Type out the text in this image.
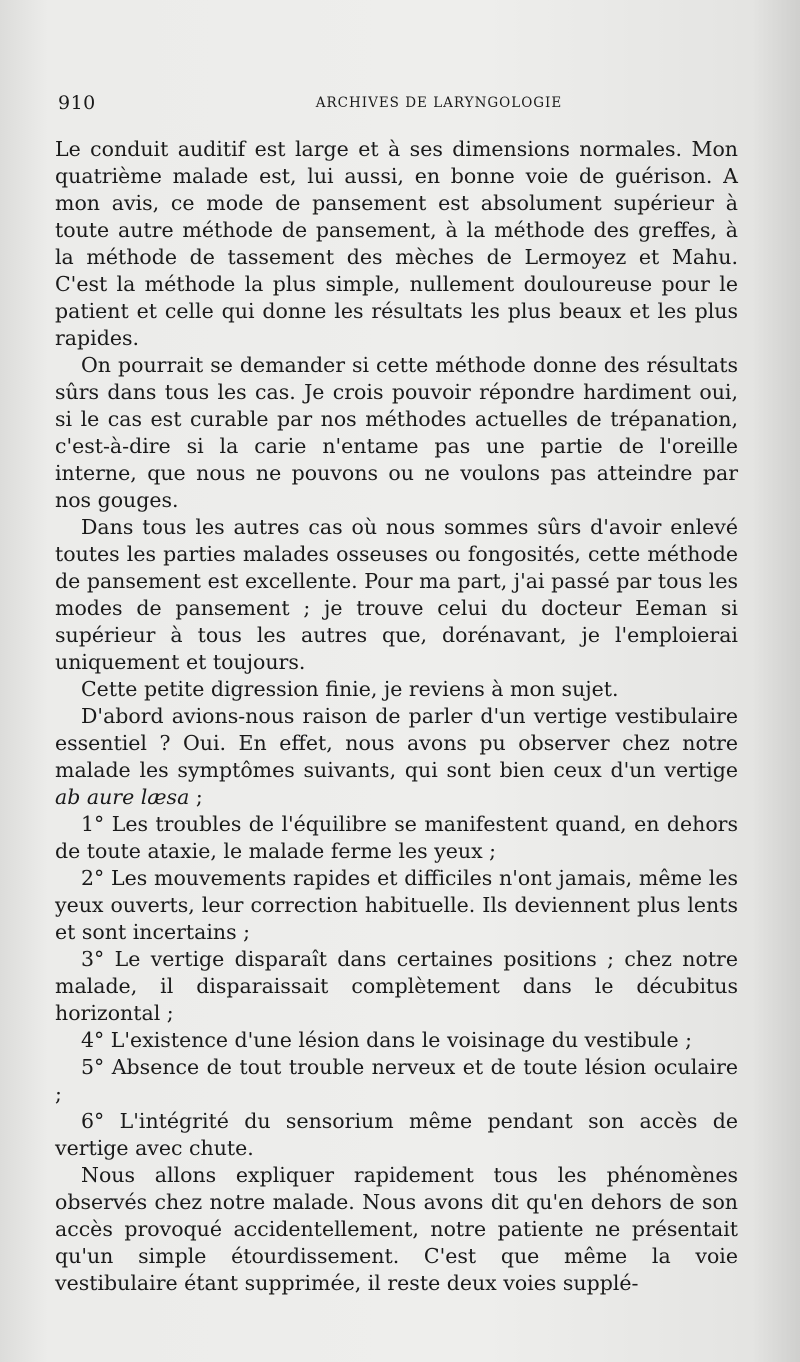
910	ARCHIVES DE LARYNGOLOGIE

Le conduit auditif est large et à ses dimensions normales. Mon quatrième malade est, lui aussi, en bonne voie de guérison. A mon avis, ce mode de pansement est absolument supérieur à toute autre méthode de pansement, à la méthode des greffes, à la méthode de tassement des mèches de Lermoyez et Mahu. C'est la méthode la plus simple, nullement douloureuse pour le patient et celle qui donne les résultats les plus beaux et les plus rapides.

On pourrait se demander si cette méthode donne des résultats sûrs dans tous les cas. Je crois pouvoir répondre hardiment oui, si le cas est curable par nos méthodes actuelles de trépanation, c'est-à-dire si la carie n'entame pas une partie de l'oreille interne, que nous ne pouvons ou ne voulons pas atteindre par nos gouges.

Dans tous les autres cas où nous sommes sûrs d'avoir enlevé toutes les parties malades osseuses ou fongosités, cette méthode de pansement est excellente. Pour ma part, j'ai passé par tous les modes de pansement ; je trouve celui du docteur Eeman si supérieur à tous les autres que, dorénavant, je l'emploierai uniquement et toujours.

Cette petite digression finie, je reviens à mon sujet.

D'abord avions-nous raison de parler d'un vertige vestibulaire essentiel ? Oui. En effet, nous avons pu observer chez notre malade les symptômes suivants, qui sont bien ceux d'un vertige ab aure læsa ;

1° Les troubles de l'équilibre se manifestent quand, en dehors de toute ataxie, le malade ferme les yeux ;

2° Les mouvements rapides et difficiles n'ont jamais, même les yeux ouverts, leur correction habituelle. Ils deviennent plus lents et sont incertains ;

3° Le vertige disparaît dans certaines positions ; chez notre malade, il disparaissait complètement dans le décubitus horizontal ;

4° L'existence d'une lésion dans le voisinage du vestibule ;

5° Absence de tout trouble nerveux et de toute lésion oculaire ;

6° L'intégrité du sensorium même pendant son accès de vertige avec chute.

Nous allons expliquer rapidement tous les phénomènes observés chez notre malade. Nous avons dit qu'en dehors de son accès provoqué accidentellement, notre patiente ne présentait qu'un simple étourdissement. C'est que même la voie vestibulaire étant supprimée, il reste deux voies supplé-
